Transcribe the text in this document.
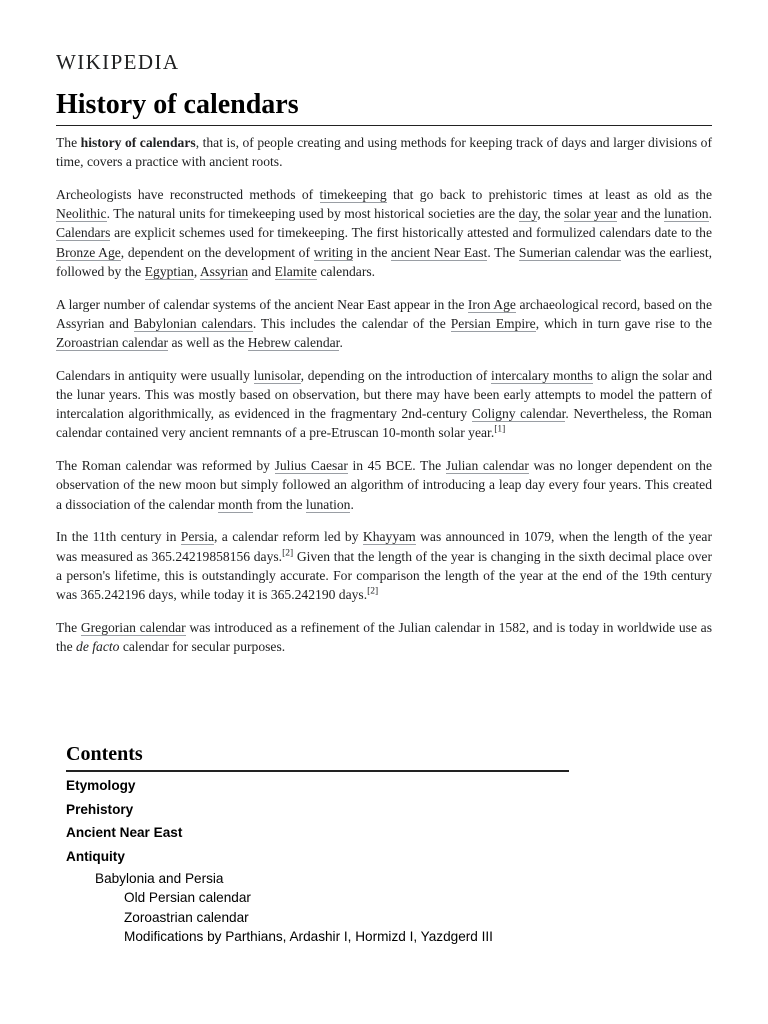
WIKIPEDIA
History of calendars

The history of calendars, that is, of people creating and using methods for keeping track of days and larger divisions of time, covers a practice with ancient roots.

Archeologists have reconstructed methods of timekeeping that go back to prehistoric times at least as old as the Neolithic. The natural units for timekeeping used by most historical societies are the day, the solar year and the lunation. Calendars are explicit schemes used for timekeeping. The first historically attested and formulized calendars date to the Bronze Age, dependent on the development of writing in the ancient Near East. The Sumerian calendar was the earliest, followed by the Egyptian, Assyrian and Elamite calendars.

A larger number of calendar systems of the ancient Near East appear in the Iron Age archaeological record, based on the Assyrian and Babylonian calendars. This includes the calendar of the Persian Empire, which in turn gave rise to the Zoroastrian calendar as well as the Hebrew calendar.

Calendars in antiquity were usually lunisolar, depending on the introduction of intercalary months to align the solar and the lunar years. This was mostly based on observation, but there may have been early attempts to model the pattern of intercalation algorithmically, as evidenced in the fragmentary 2nd-century Coligny calendar. Nevertheless, the Roman calendar contained very ancient remnants of a pre-Etruscan 10-month solar year.[1]

The Roman calendar was reformed by Julius Caesar in 45 BCE. The Julian calendar was no longer dependent on the observation of the new moon but simply followed an algorithm of introducing a leap day every four years. This created a dissociation of the calendar month from the lunation.

In the 11th century in Persia, a calendar reform led by Khayyam was announced in 1079, when the length of the year was measured as 365.24219858156 days.[2] Given that the length of the year is changing in the sixth decimal place over a person's lifetime, this is outstandingly accurate. For comparison the length of the year at the end of the 19th century was 365.242196 days, while today it is 365.242190 days.[2]

The Gregorian calendar was introduced as a refinement of the Julian calendar in 1582, and is today in worldwide use as the de facto calendar for secular purposes.

Contents
Etymology
Prehistory
Ancient Near East
Antiquity
Babylonia and Persia
Old Persian calendar
Zoroastrian calendar
Modifications by Parthians, Ardashir I, Hormizd I, Yazdgerd III
